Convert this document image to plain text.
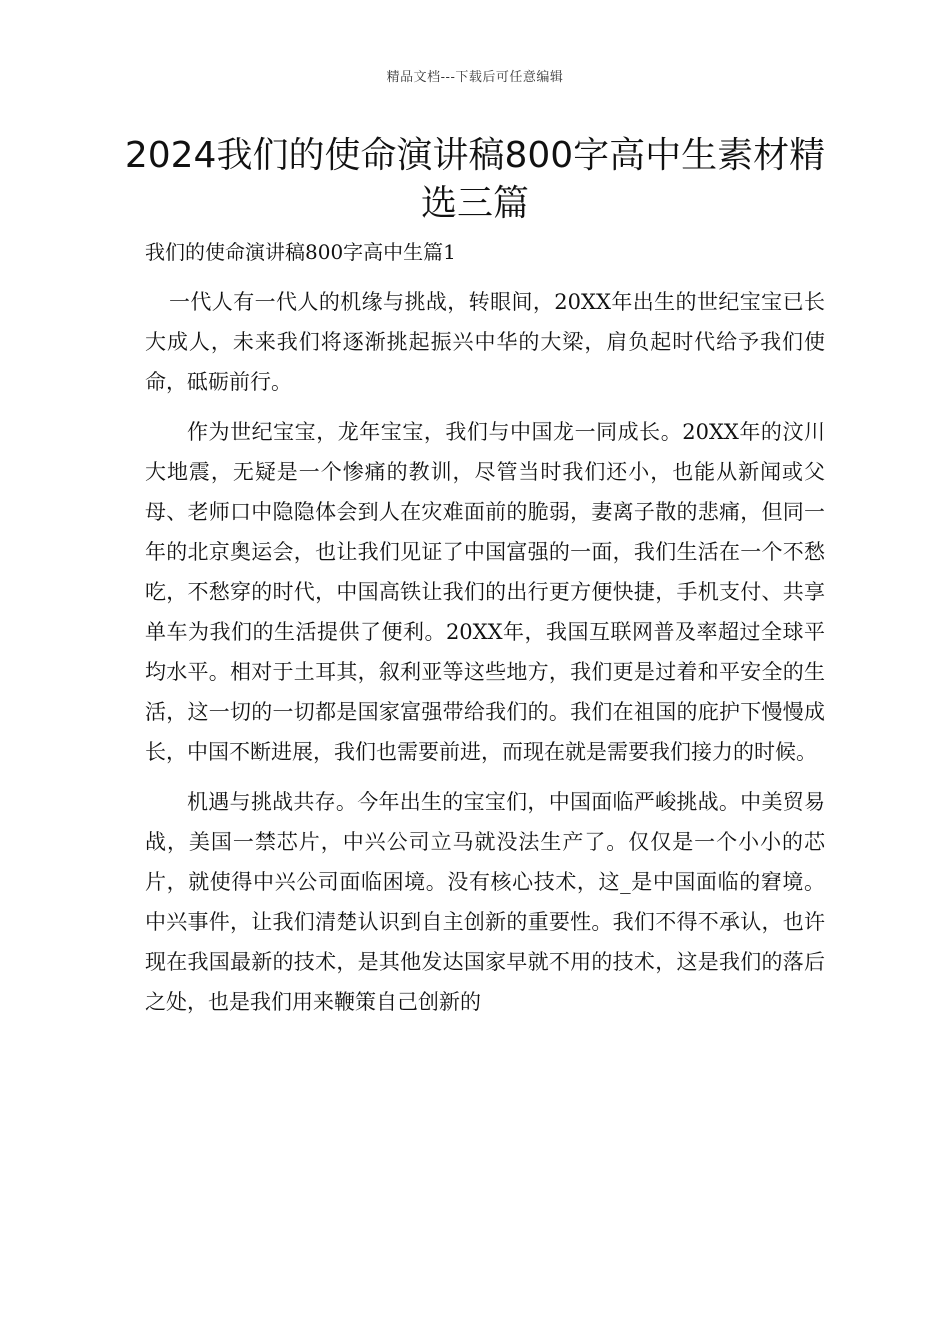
精品文档---下载后可任意编辑
2024我们的使命演讲稿800字高中生素材精选三篇
我们的使命演讲稿800字高中生篇1

一代人有一代人的机缘与挑战，转眼间，20XX年出生的世纪宝宝已长大成人，未来我们将逐渐挑起振兴中华的大梁，肩负起时代给予我们使命，砥砺前行。

作为世纪宝宝，龙年宝宝，我们与中国龙一同成长。20XX年的汶川大地震，无疑是一个惨痛的教训，尽管当时我们还小，也能从新闻或父母、老师口中隐隐体会到人在灾难面前的脆弱，妻离子散的悲痛，但同一年的北京奥运会，也让我们见证了中国富强的一面，我们生活在一个不愁吃，不愁穿的时代，中国高铁让我们的出行更方便快捷，手机支付、共享单车为我们的生活提供了便利。20XX年，我国互联网普及率超过全球平均水平。相对于土耳其，叙利亚等这些地方，我们更是过着和平安全的生活，这一切的一切都是国家富强带给我们的。我们在祖国的庇护下慢慢成长，中国不断进展，我们也需要前进，而现在就是需要我们接力的时候。

机遇与挑战共存。今年出生的宝宝们，中国面临严峻挑战。中美贸易战，美国一禁芯片，中兴公司立马就没法生产了。仅仅是一个小小的芯片，就使得中兴公司面临困境。没有核心技术，这_是中国面临的窘境。中兴事件，让我们清楚认识到自主创新的重要性。我们不得不承认，也许现在我国最新的技术，是其他发达国家早就不用的技术，这是我们的落后之处，也是我们用来鞭策自己创新的
